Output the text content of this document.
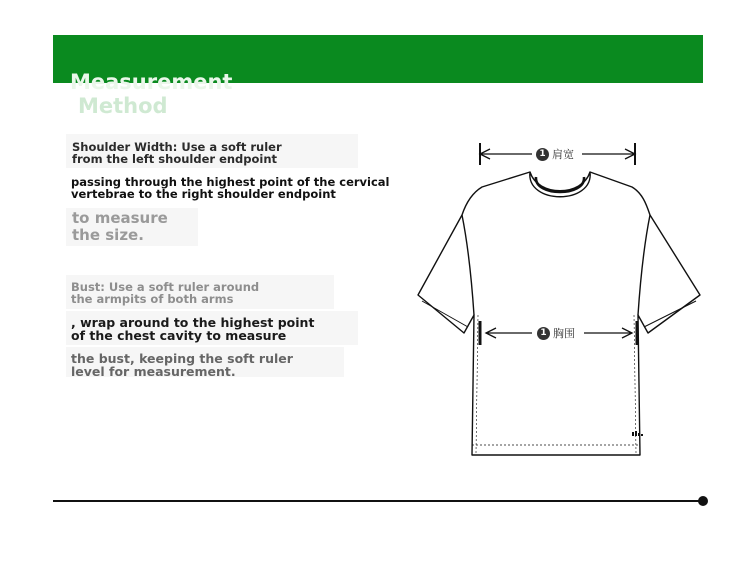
Measurement

Method

Shoulder Width: Use a soft ruler
from the left shoulder endpoint

passing through the highest point of the cervical
vertebrae to the right shoulder endpoint

to measure
the size.

Bust: Use a soft ruler around
the armpits of both arms

, wrap around to the highest point
of the chest cavity to measure

the bust, keeping the soft ruler
level for measurement.

1 肩宽
1 胸围
